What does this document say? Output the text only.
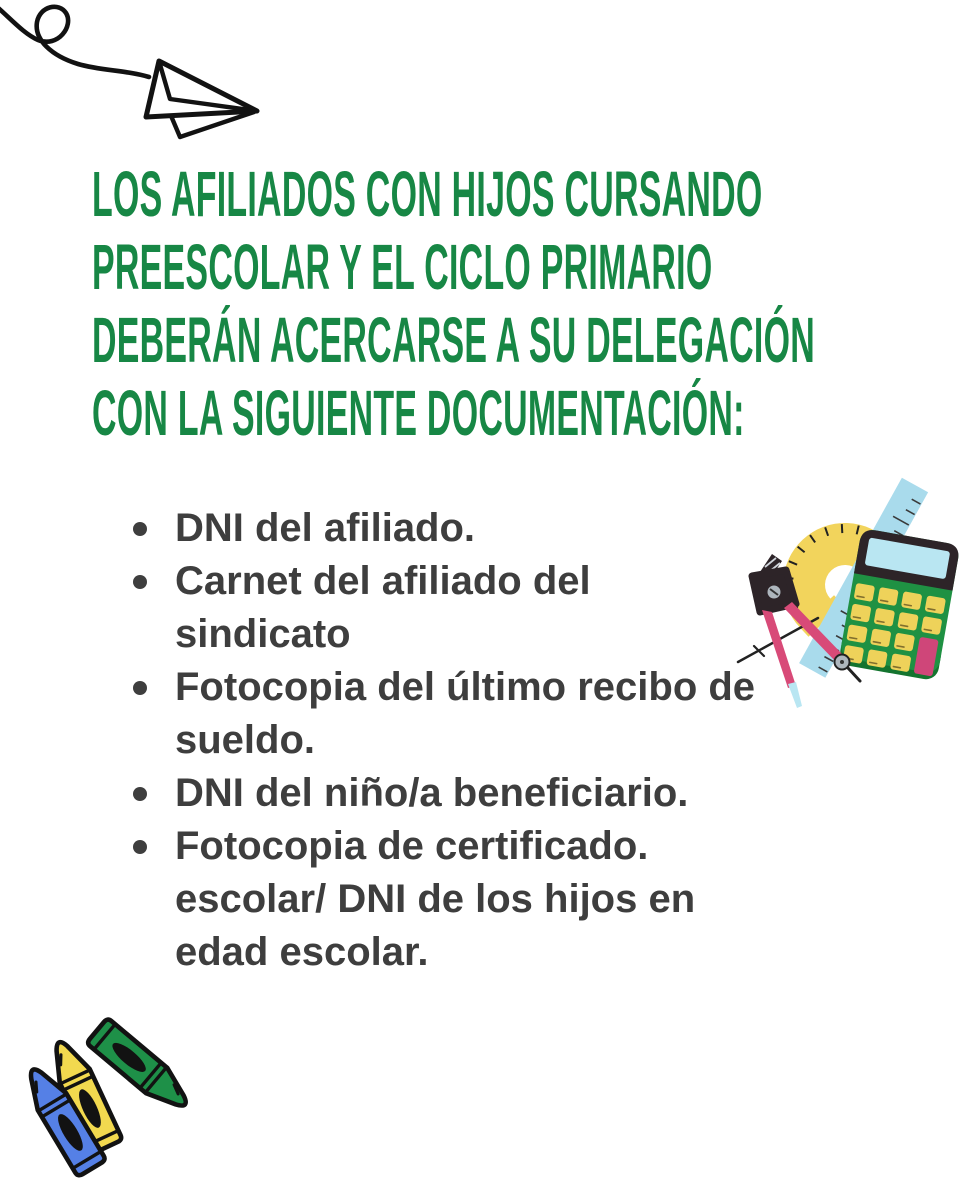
LOS AFILIADOS CON HIJOS CURSANDO
PREESCOLAR Y EL CICLO PRIMARIO
DEBERÁN ACERCARSE A SU DELEGACIÓN
CON LA SIGUIENTE DOCUMENTACIÓN:
DNI del afiliado.
Carnet del afiliado del sindicato
Fotocopia del último recibo de sueldo.
DNI del niño/a beneficiario.
Fotocopia de certificado. escolar/ DNI de los hijos en edad escolar.
